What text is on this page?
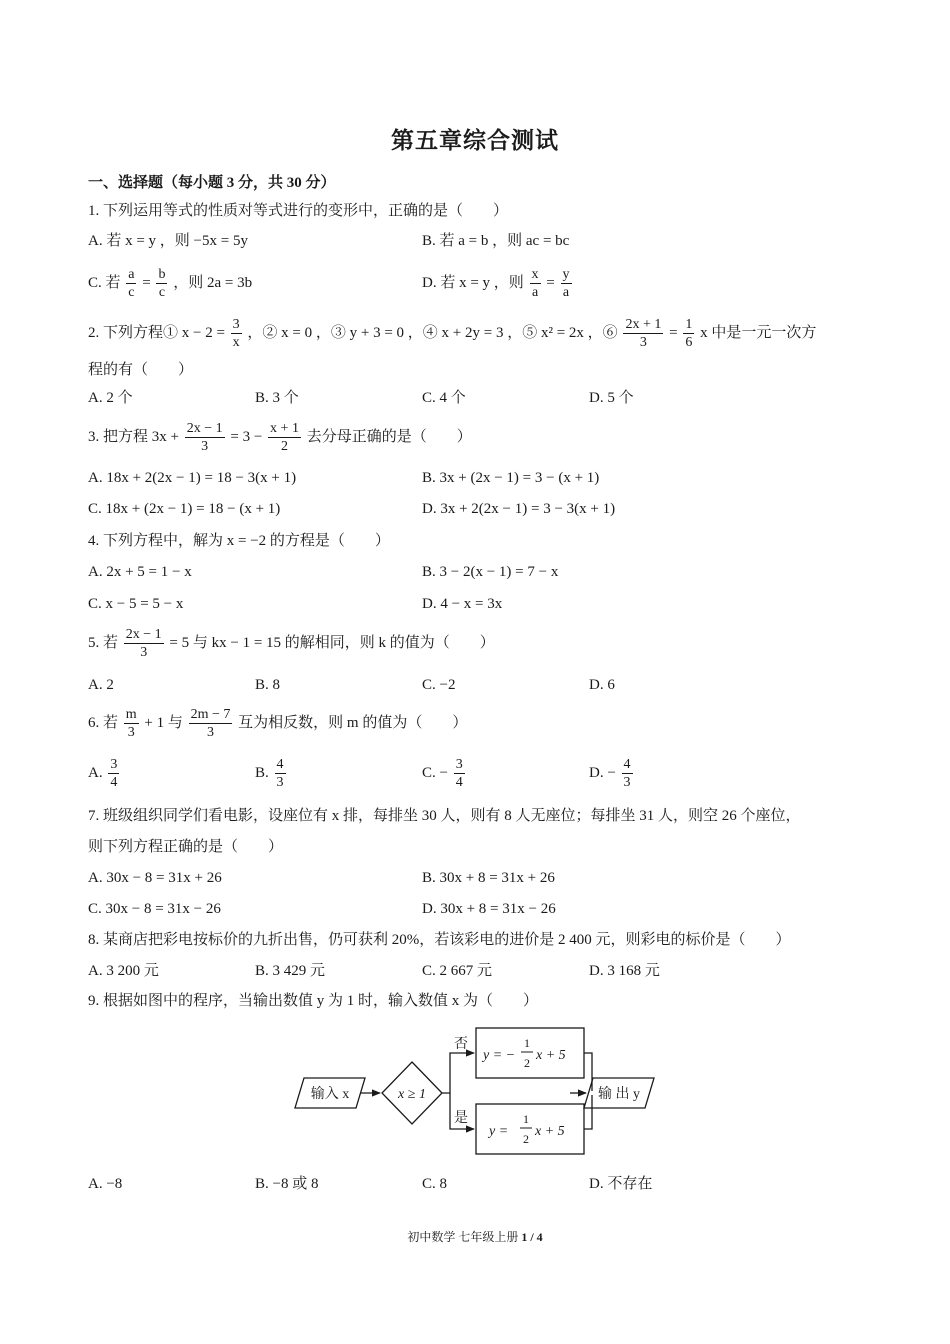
第五章综合测试
一、选择题（每小题 3 分，共 30 分）
1. 下列运用等式的性质对等式进行的变形中，正确的是（　　）
A. 若 x = y ，则 −5x = 5y	B. 若 a = b ，则 ac = bc
C. 若 $\frac{a}{c} = \frac{b}{c}$ ，则 2a = 3b	D. 若 x = y ，则 $\frac{x}{a} = \frac{y}{a}$
2. 下列方程① $x - 2 = \frac{3}{x}$ ，② x = 0 ，③ y + 3 = 0 ，④ x + 2y = 3 ，⑤ x² = 2x ，⑥ $\frac{2x + 1}{3} = \frac{1}{6}$ x 中是一元一次方
程的有（　　）
A. 2 个	B. 3 个	C. 4 个	D. 5 个
3. 把方程 $3x + \frac{2x - 1}{3} = 3 - \frac{x + 1}{2}$ 去分母正确的是（　　）
A. 18x + 2(2x − 1) = 18 − 3(x + 1)	B. 3x + (2x − 1) = 3 − (x + 1)
C. 18x + (2x − 1) = 18 − (x + 1)	D. 3x + 2(2x − 1) = 3 − 3(x + 1)
4. 下列方程中，解为 x = −2 的方程是（　　）
A. 2x + 5 = 1 − x	B. 3 − 2(x − 1) = 7 − x
C. x − 5 = 5 − x	D. 4 − x = 3x
5. 若 $\frac{2x - 1}{3} = 5$ 与 kx − 1 = 15 的解相同，则 k 的值为（　　）
A. 2	B. 8	C. −2	D. 6
6. 若 $\frac{m}{3} + 1$ 与 $\frac{2m - 7}{3}$ 互为相反数，则 m 的值为（　　）
A. $\frac{3}{4}$	B. $\frac{4}{3}$	C. − $\frac{3}{4}$	D. − $\frac{4}{3}$
7. 班级组织同学们看电影，设座位有 x 排，每排坐 30 人，则有 8 人无座位；每排坐 31 人，则空 26 个座位，
则下列方程正确的是（　　）
A. 30x − 8 = 31x + 26	B. 30x + 8 = 31x + 26
C. 30x − 8 = 31x − 26	D. 30x + 8 = 31x − 26
8. 某商店把彩电按标价的九折出售，仍可获利 20%，若该彩电的进价是 2 400 元，则彩电的标价是（　　）
A. 3 200 元	B. 3 429 元	C. 2 667 元	D. 3 168 元
9. 根据如图中的程序，当输出数值 y 为 1 时，输入数值 x 为（　　）
输入 x	x ≥ 1
否
是
y = −
1
2 x + 5
y =
1
2 x + 5
输 出 y
A. −8	B. −8 或 8	C. 8	D. 不存在
初中数学 七年级上册 1 / 4
